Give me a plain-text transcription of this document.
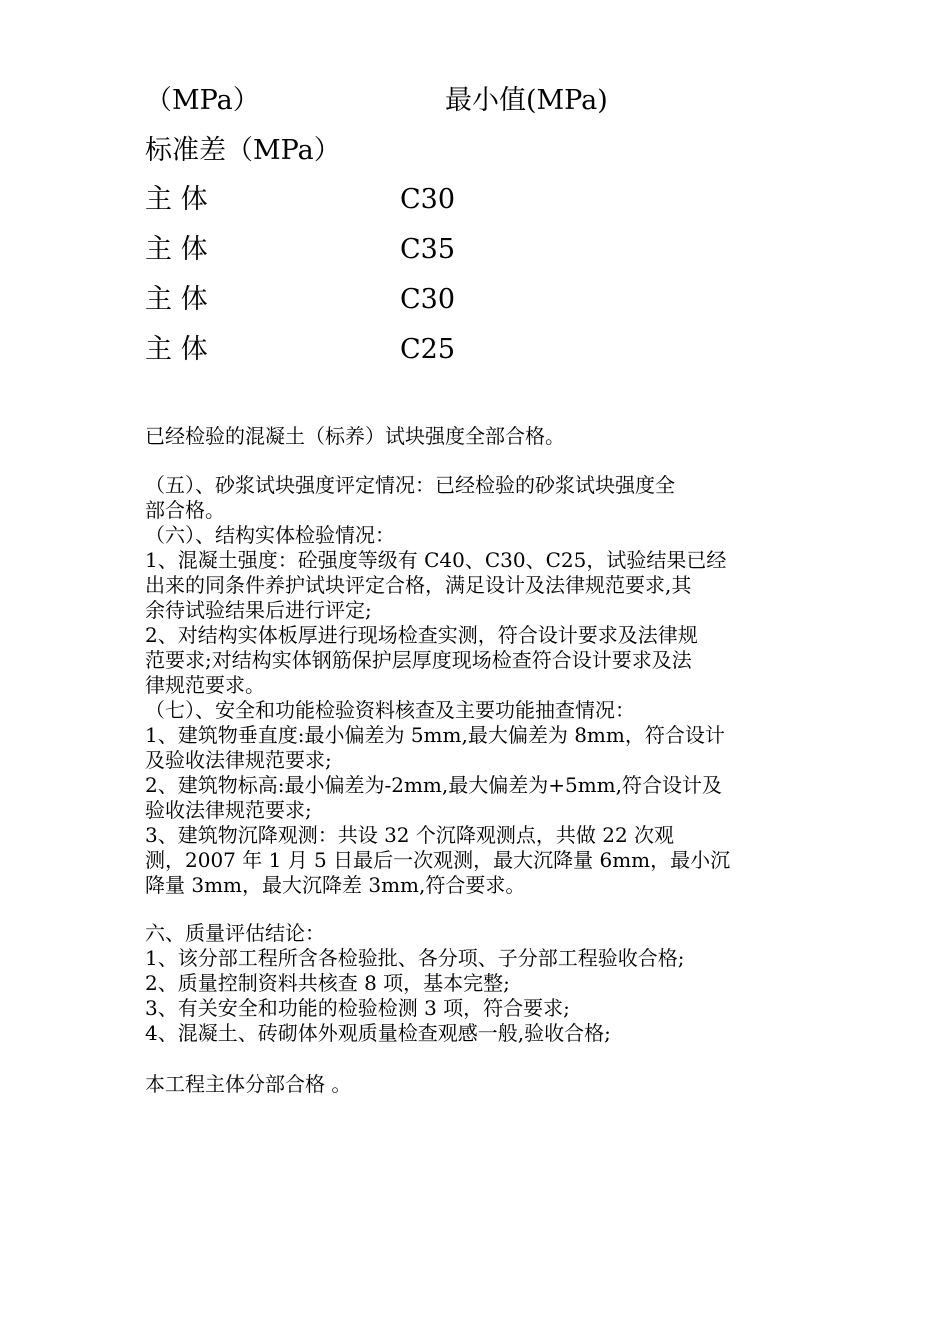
（MPa）	最小值(MPa)
标准差（MPa）
主 体	C30
主 体	C35
主 体	C30
主 体	C25
已经检验的混凝土（标养）试块强度全部合格。
（五）、砂浆试块强度评定情况：已经检验的砂浆试块强度全
部合格。
（六）、结构实体检验情况：
1、混凝土强度：砼强度等级有 C40、C30、C25，试验结果已经
出来的同条件养护试块评定合格，满足设计及法律规范要求,其
余待试验结果后进行评定;
2、对结构实体板厚进行现场检查实测，符合设计要求及法律规
范要求;对结构实体钢筋保护层厚度现场检查符合设计要求及法
律规范要求。
（七）、安全和功能检验资料核查及主要功能抽查情况：
1、建筑物垂直度:最小偏差为 5mm,最大偏差为 8mm，符合设计
及验收法律规范要求;
2、建筑物标高:最小偏差为-2mm,最大偏差为+5mm,符合设计及
验收法律规范要求;
3、建筑物沉降观测：共设 32 个沉降观测点，共做 22 次观
测，2007 年 1 月 5 日最后一次观测，最大沉降量 6mm，最小沉
降量 3mm，最大沉降差 3mm,符合要求。
六、质量评估结论：
1、该分部工程所含各检验批、各分项、子分部工程验收合格;
2、质量控制资料共核查 8 项，基本完整;
3、有关安全和功能的检验检测 3 项，符合要求;
4、混凝土、砖砌体外观质量检查观感一般,验收合格;
本工程主体分部合格 。
